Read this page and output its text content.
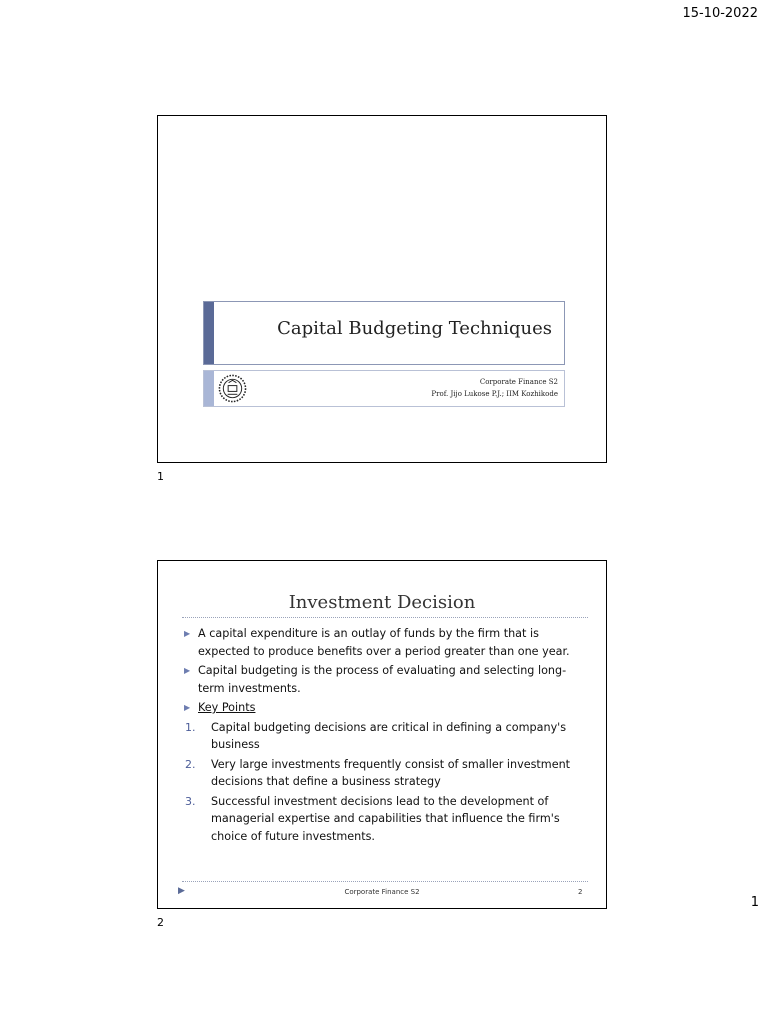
15-10-2022
Capital Budgeting Techniques
Corporate Finance S2
Prof. Jijo Lukose P.J.; IIM Kozhikode
1
Investment Decision
▶ A capital expenditure is an outlay of funds by the firm that is expected to produce benefits over a period greater than one year.
▶ Capital budgeting is the process of evaluating and selecting long-term investments.
▶ Key Points
1. Capital budgeting decisions are critical in defining a company's business
2. Very large investments frequently consist of smaller investment decisions that define a business strategy
3. Successful investment decisions lead to the development of managerial expertise and capabilities that influence the firm's choice of future investments.
▶	Corporate Finance S2	2
2
1
